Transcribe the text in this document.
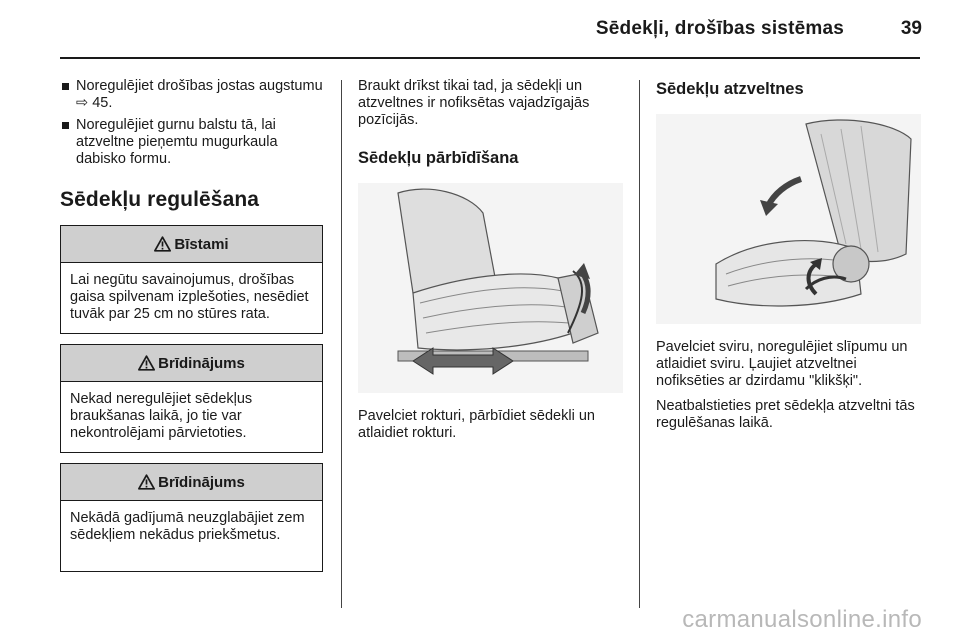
Sēdekļi, drošības sistēmas	39
Noregulējiet drošības jostas augstumu ⇨ 45.
Noregulējiet gurnu balstu tā, lai atzveltne pieņemtu mugurkaula dabisko formu.
Sēdekļu regulēšana
Bīstami
Lai negūtu savainojumus, drošības gaisa spilvenam izplešoties, nesēdiet tuvāk par 25 cm no stūres rata.
Brīdinājums
Nekad neregulējiet sēdekļus braukšanas laikā, jo tie var nekontrolējami pārvietoties.
Brīdinājums
Nekādā gadījumā neuzglabājiet zem sēdekļiem nekādus priekšmetus.
Braukt drīkst tikai tad, ja sēdekļi un atzveltnes ir nofiksētas vajadzīgajās pozīcijās.
Sēdekļu pārbīdīšana
Pavelciet rokturi, pārbīdiet sēdekli un atlaidiet rokturi.
Sēdekļu atzveltnes
Pavelciet sviru, noregulējiet slīpumu un atlaidiet sviru. Ļaujiet atzveltnei nofiksēties ar dzirdamu "klikšķi".
Neatbalstieties pret sēdekļa atzveltni tās regulēšanas laikā.
carmanualsonline.info
